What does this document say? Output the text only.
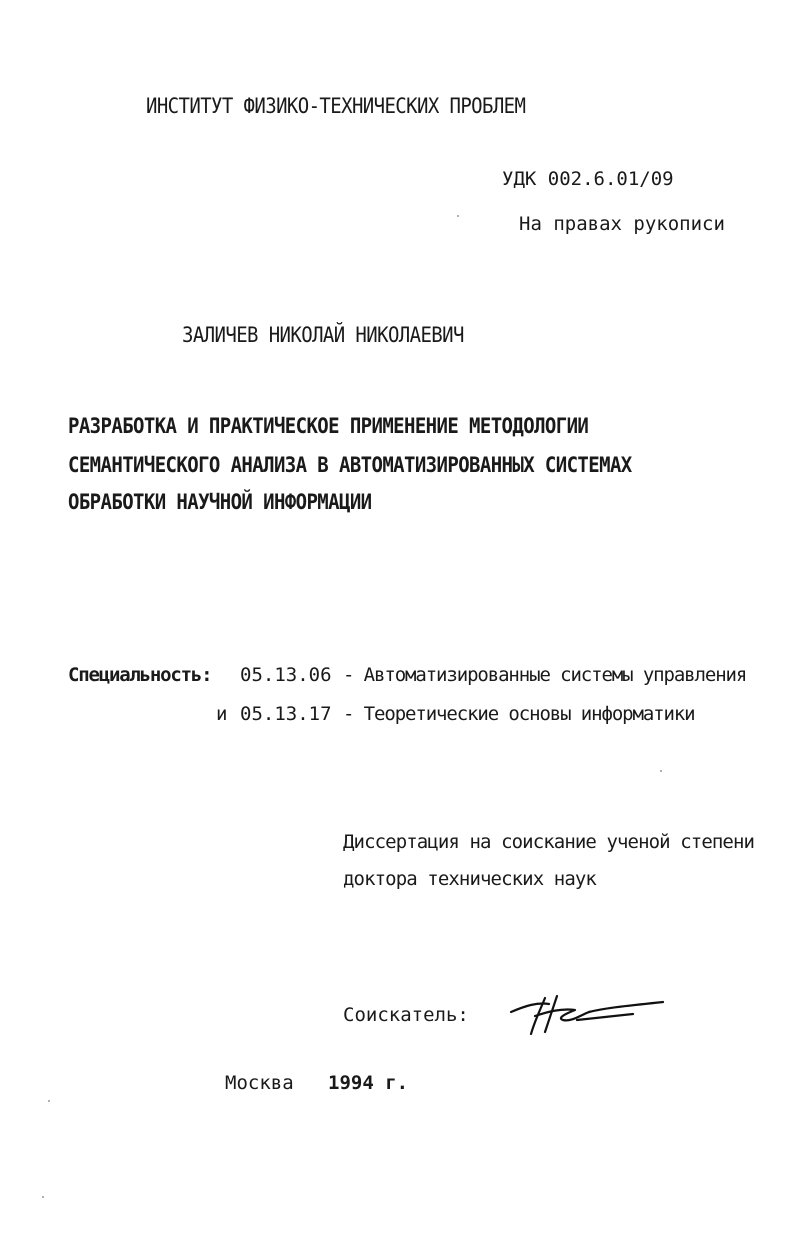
ИНСТИТУТ ФИЗИКО-ТЕХНИЧЕСКИХ ПРОБЛЕМ
УДК 002.6.01/09
На правах рукописи
ЗАЛИЧЕВ НИКОЛАЙ НИКОЛАЕВИЧ
РАЗРАБОТКА И ПРАКТИЧЕСКОЕ ПРИМЕНЕНИЕ МЕТОДОЛОГИИ
СЕМАНТИЧЕСКОГО АНАЛИЗА В АВТОМАТИЗИРОВАННЫХ СИСТЕМАХ
ОБРАБОТКИ НАУЧНОЙ ИНФОРМАЦИИ
Специальность: 05.13.06 - Автоматизированные системы управления
и 05.13.17 - Теоретические основы информатики
Диссертация на соискание ученой степени
доктора технических наук
Соискатель:
Москва 1994 г.
